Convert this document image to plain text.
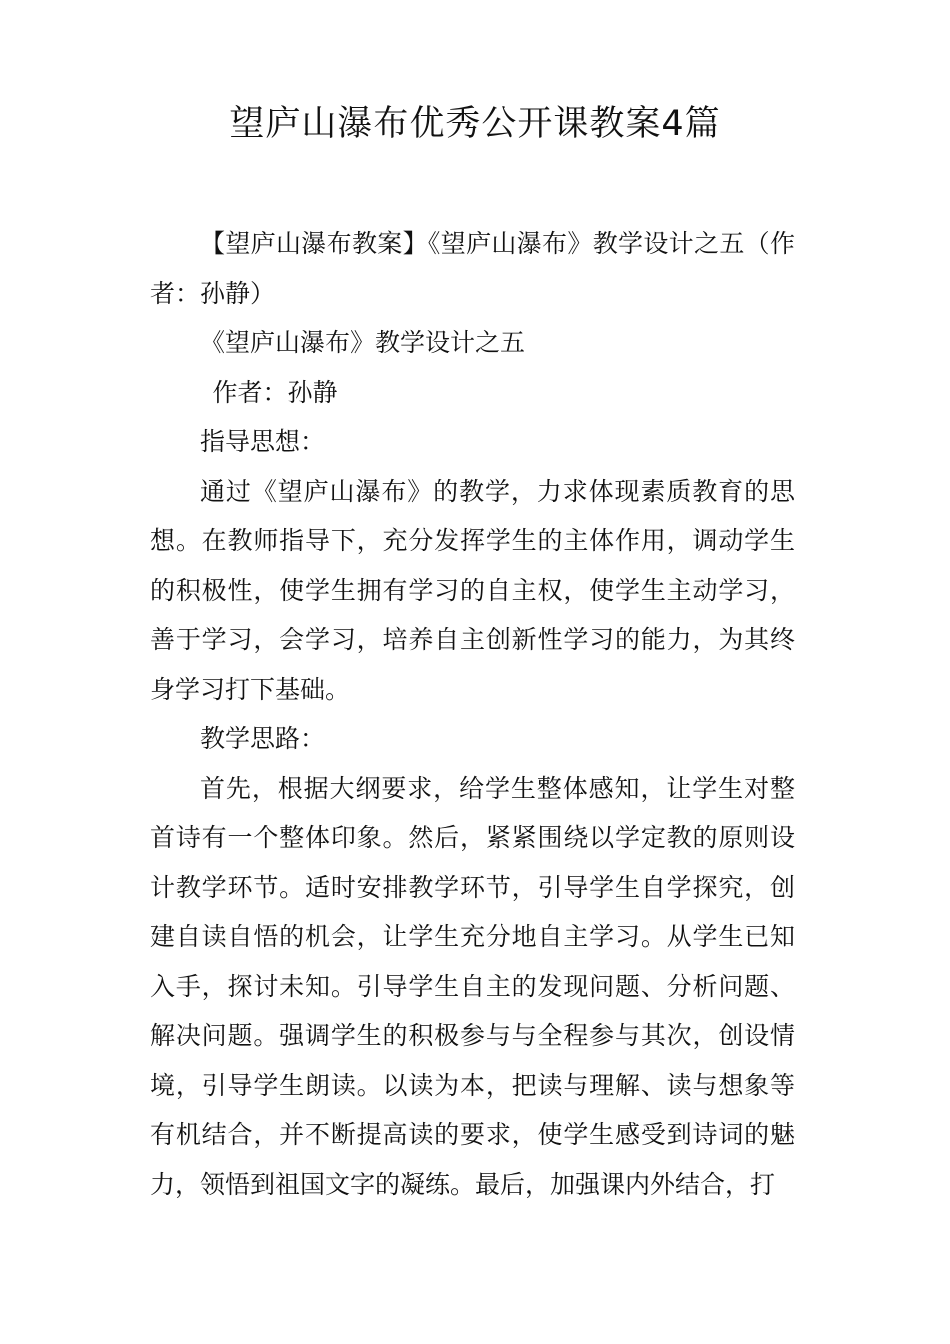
望庐山瀑布优秀公开课教案4篇

【望庐山瀑布教案】《望庐山瀑布》教学设计之五（作者：孙静）

《望庐山瀑布》教学设计之五

作者：孙静

指导思想：

通过《望庐山瀑布》的教学，力求体现素质教育的思想。在教师指导下，充分发挥学生的主体作用，调动学生的积极性，使学生拥有学习的自主权，使学生主动学习，善于学习，会学习，培养自主创新性学习的能力，为其终身学习打下基础。

教学思路：

首先，根据大纲要求，给学生整体感知，让学生对整首诗有一个整体印象。然后，紧紧围绕以学定教的原则设计教学环节。适时安排教学环节，引导学生自学探究，创建自读自悟的机会，让学生充分地自主学习。从学生已知入手，探讨未知。引导学生自主的发现问题、分析问题、解决问题。强调学生的积极参与与全程参与其次，创设情境，引导学生朗读。以读为本，把读与理解、读与想象等有机结合，并不断提高读的要求，使学生感受到诗词的魅力，领悟到祖国文字的凝练。最后，加强课内外结合，打
